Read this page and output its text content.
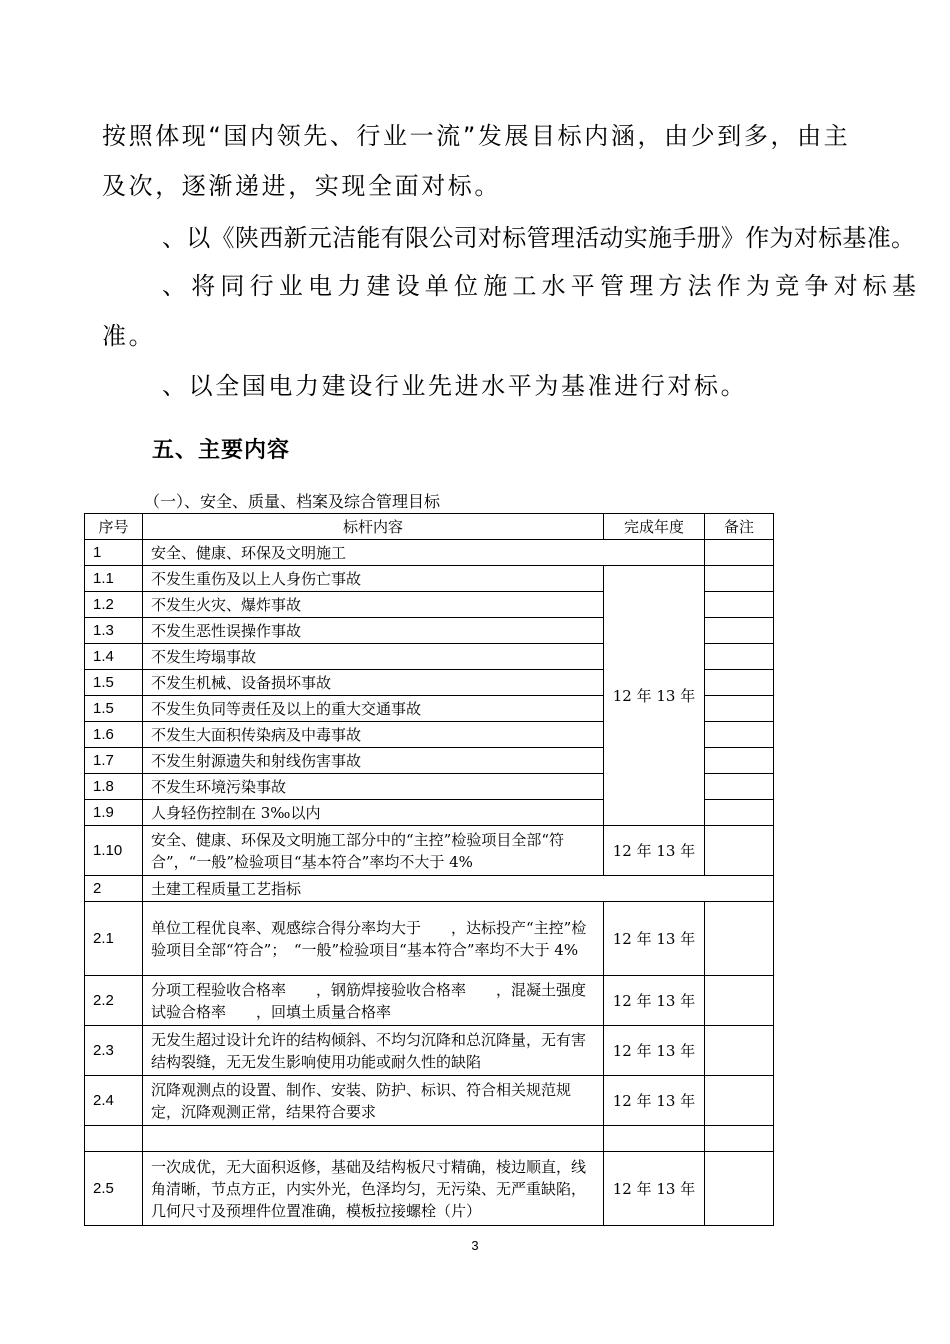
按照体现“国内领先、行业一流”发展目标内涵，由少到多，由主
及次，逐渐递进，实现全面对标。
、以《陕西新元洁能有限公司对标管理活动实施手册》作为对标基准。
、将同行业电力建设单位施工水平管理方法作为竞争对标基
准。
、以全国电力建设行业先进水平为基准进行对标。
五、主要内容
（一）、安全、质量、档案及综合管理目标
序号	标杆内容	完成年度	备注
1	安全、健康、环保及文明施工		
1.1	不发生重伤及以上人身伤亡事故	12 年 13 年	
1.2	不发生火灾、爆炸事故		
1.3	不发生恶性误操作事故		
1.4	不发生垮塌事故		
1.5	不发生机械、设备损坏事故		
1.5	不发生负同等责任及以上的重大交通事故		
1.6	不发生大面积传染病及中毒事故		
1.7	不发生射源遗失和射线伤害事故		
1.8	不发生环境污染事故		
1.9	人身轻伤控制在 3‰以内		
1.10	安全、健康、环保及文明施工部分中的“主控”检验项目全部“符合”，“一般”检验项目“基本符合”率均不大于 4%	12 年 13 年	
2	土建工程质量工艺指标		
2.1	单位工程优良率、观感综合得分率均大于　　，达标投产“主控”检验项目全部“符合”；　“一般”检验项目“基本符合”率均不大于 4%	12 年 13 年	
2.2	分项工程验收合格率　　，钢筋焊接验收合格率　　，混凝土强度试验合格率　　，回填土质量合格率	12 年 13 年	
2.3	无发生超过设计允许的结构倾斜、不均匀沉降和总沉降量，无有害结构裂缝，无无发生影响使用功能或耐久性的缺陷	12 年 13 年	
2.4	沉降观测点的设置、制作、安装、防护、标识、符合相关规范规定，沉降观测正常，结果符合要求	12 年 13 年	

2.5	一次成优，无大面积返修，基础及结构板尺寸精确，棱边顺直，线角清晰，节点方正，内实外光，色泽均匀，无污染、无严重缺陷，几何尺寸及预埋件位置准确，模板拉接螺栓（片）	12 年 13 年	
3
